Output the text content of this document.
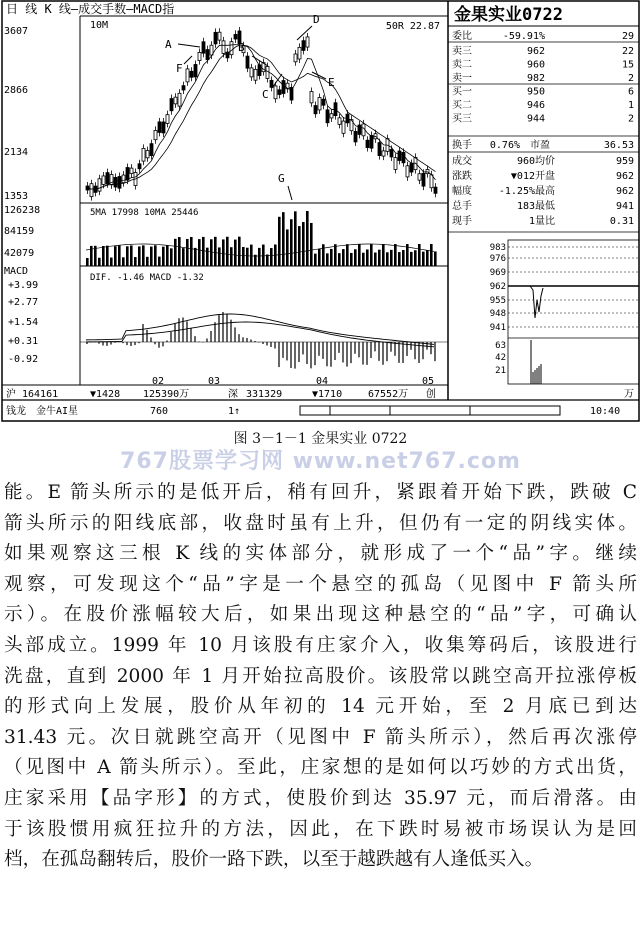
日 线 K 线—成交手数—MACD指
50R 22.87
10M
3607
2866
2134
1353
A	B
C
D
E
F
G
5MA 17998 10MA 25446
126238
84159
42079
MACD
DIF. -1.46 MACD -1.32
+3.99
+2.77
+1.54
+0.31
-0.92
02	03	04	05
金果实业0722
委比	-59.91%	29
卖三	962	22
卖二	960	15
卖一	982	2
买一	950	6
买二	946	1
买三	944	2
换手 0.76% 市盈	36.53
成交	960 均价	959
涨跌	▼012 开盘	962
幅度	-1.25% 最高	962
总手	183 最低	941
现手	1 量比	0.31
983
976
969
962
955
948
941
63
42
21
沪 164161	▼1428 125390万	深 331329	▼1710	67552万 创	万
钱龙 金牛AI星	760	1↑	10:40
图 3－1－1 金果实业 0722
767股票学习网 www.net767.com
能。E 箭头所示的是低开后，稍有回升，紧跟着开始下跌，跌破 C
箭头所示的阳线底部，收盘时虽有上升，但仍有一定的阴线实体。
如果观察这三根 K 线的实体部分，就形成了一个“品”字。继续
观察，可发现这个“品”字是一个悬空的孤岛（见图中 F 箭头所
示）。在股价涨幅较大后，如果出现这种悬空的“品”字，可确认
头部成立。1999 年 10 月该股有庄家介入，收集筹码后，该股进行
洗盘，直到 2000 年 1 月开始拉高股价。该股常以跳空高开拉涨停板
的形式向上发展，股价从年初的 14 元开始，至 2 月底已到达
31.43 元。次日就跳空高开（见图中 F 箭头所示），然后再次涨停
（见图中 A 箭头所示）。至此，庄家想的是如何以巧妙的方式出货，
庄家采用【品字形】的方式，使股价到达 35.97 元，而后滑落。由
于该股惯用疯狂拉升的方法，因此，在下跌时易被市场误认为是回
档，在孤岛翻转后，股价一路下跌，以至于越跌越有人逢低买入。
